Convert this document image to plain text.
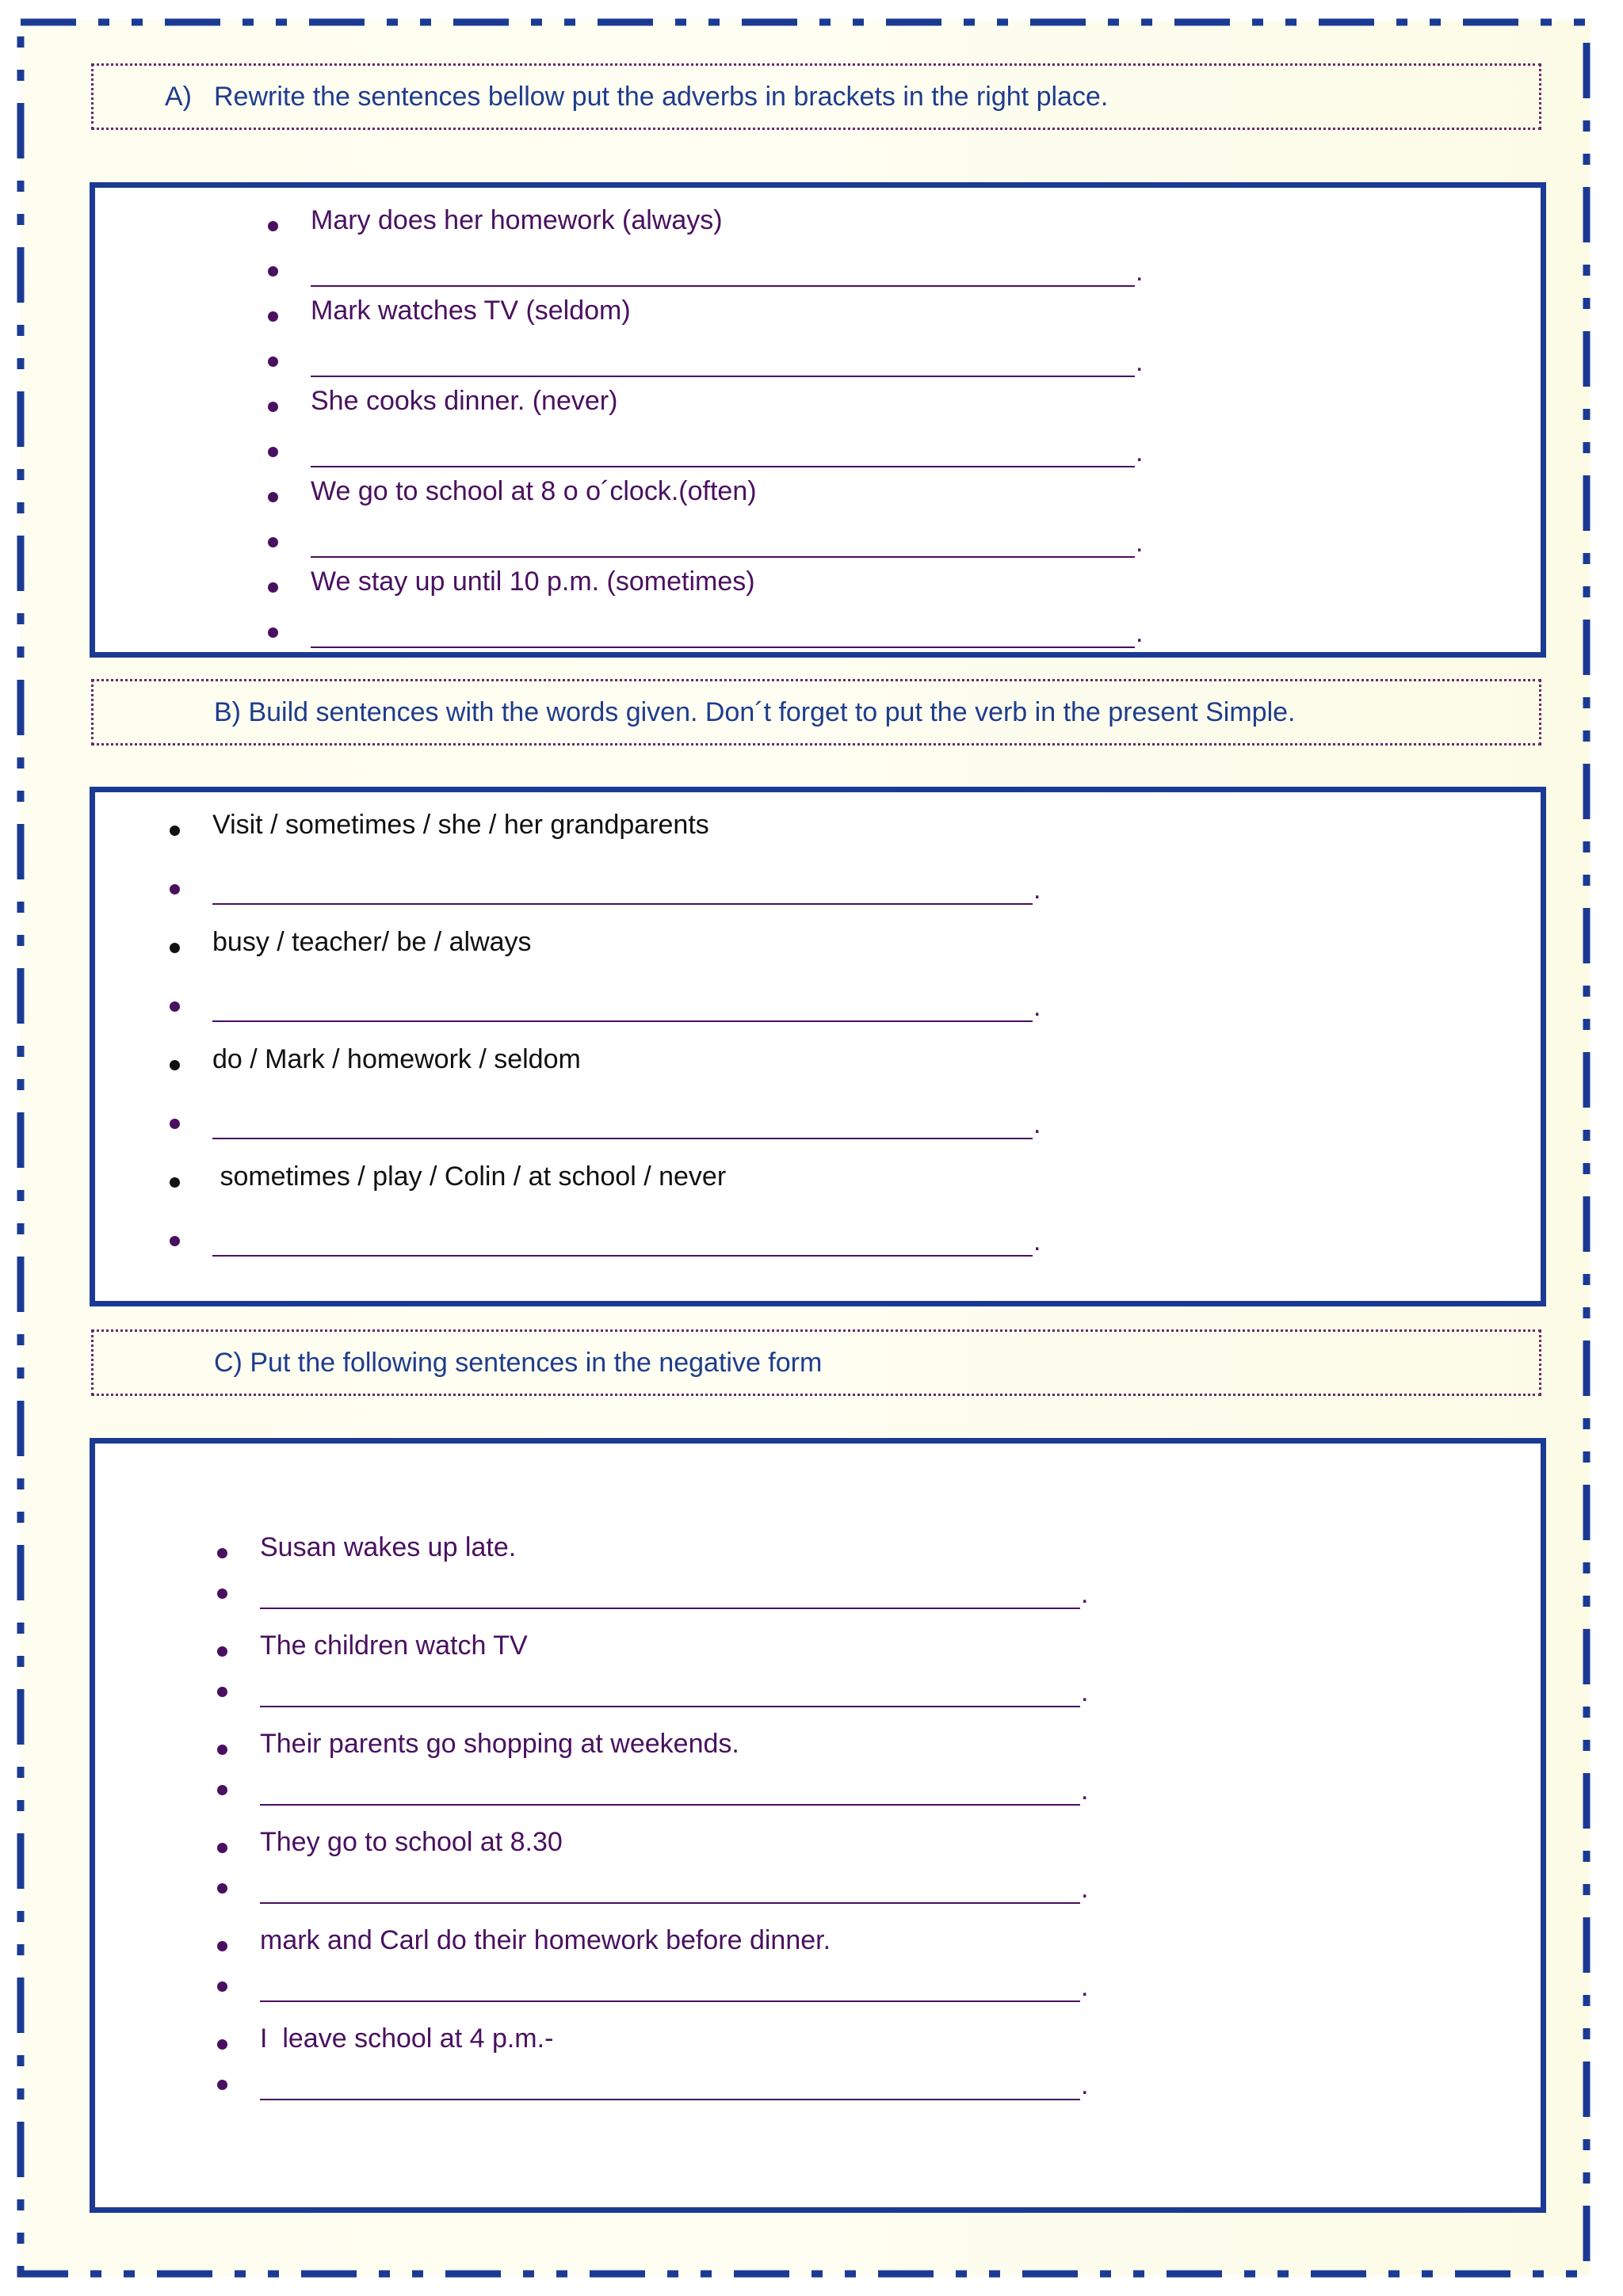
A) Rewrite the sentences bellow put the adverbs in brackets in the right place.
Mary does her homework (always)
.
Mark watches TV (seldom)
.
She cooks dinner. (never)
.
We go to school at 8 o o´clock.(often)
.
We stay up until 10 p.m. (sometimes)
.
B) Build sentences with the words given. Don´t forget to put the verb in the present Simple.
Visit / sometimes / she / her grandparents
.
busy / teacher/ be / always
.
do / Mark / homework / seldom
.
sometimes / play / Colin / at school / never
.
C) Put the following sentences in the negative form
Susan wakes up late.
.
The children watch TV
.
Their parents go shopping at weekends.
.
They go to school at 8.30
.
mark and Carl do their homework before dinner.
.
I  leave school at 4 p.m.-
.
